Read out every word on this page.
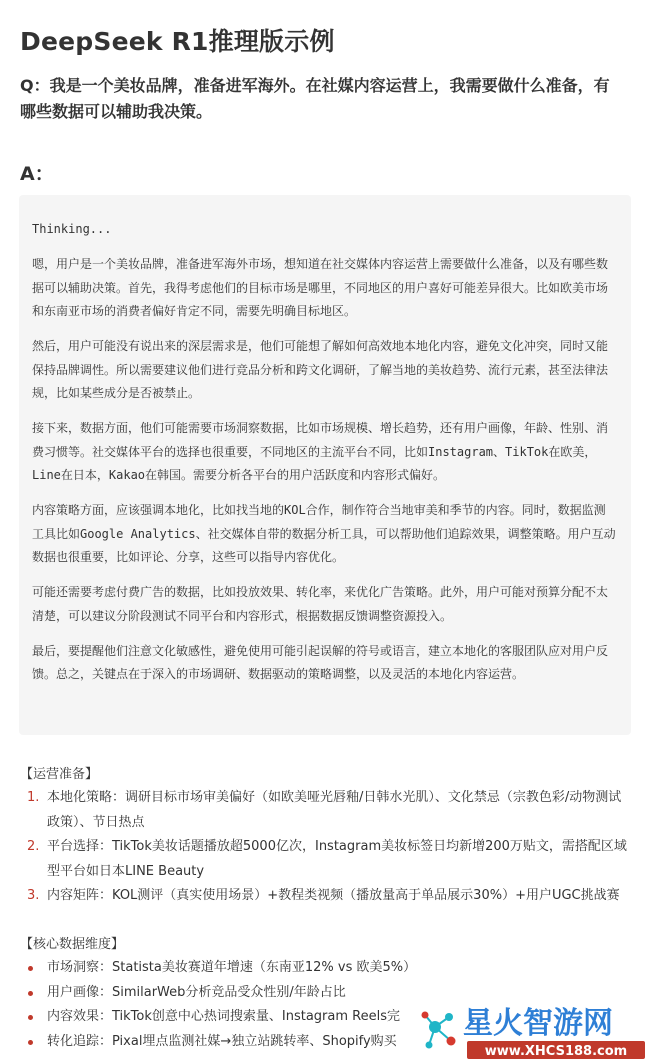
DeepSeek R1推理版示例
Q：我是一个美妆品牌，准备进军海外。在社媒内容运营上，我需要做什么准备，有哪些数据可以辅助我决策。
A：
Thinking...

嗯，用户是一个美妆品牌，准备进军海外市场，想知道在社交媒体内容运营上需要做什么准备，以及有哪些数据可以辅助决策。首先，我得考虑他们的目标市场是哪里，不同地区的用户喜好可能差异很大。比如欧美市场和东南亚市场的消费者偏好肯定不同，需要先明确目标地区。

然后，用户可能没有说出来的深层需求是，他们可能想了解如何高效地本地化内容，避免文化冲突，同时又能保持品牌调性。所以需要建议他们进行竞品分析和跨文化调研，了解当地的美妆趋势、流行元素，甚至法律法规，比如某些成分是否被禁止。

接下来，数据方面，他们可能需要市场洞察数据，比如市场规模、增长趋势，还有用户画像，年龄、性别、消费习惯等。社交媒体平台的选择也很重要，不同地区的主流平台不同，比如Instagram、TikTok在欧美，Line在日本，Kakao在韩国。需要分析各平台的用户活跃度和内容形式偏好。

内容策略方面，应该强调本地化，比如找当地的KOL合作，制作符合当地审美和季节的内容。同时，数据监测工具比如Google Analytics、社交媒体自带的数据分析工具，可以帮助他们追踪效果，调整策略。用户互动数据也很重要，比如评论、分享，这些可以指导内容优化。

可能还需要考虑付费广告的数据，比如投放效果、转化率，来优化广告策略。此外，用户可能对预算分配不太清楚，可以建议分阶段测试不同平台和内容形式，根据数据反馈调整资源投入。

最后，要提醒他们注意文化敏感性，避免使用可能引起误解的符号或语言，建立本地化的客服团队应对用户反馈。总之，关键点在于深入的市场调研、数据驱动的策略调整，以及灵活的本地化内容运营。

【运营准备】
1. 本地化策略：调研目标市场审美偏好（如欧美哑光唇釉/日韩水光肌）、文化禁忌（宗教色彩/动物测试政策）、节日热点
2. 平台选择：TikTok美妆话题播放超5000亿次，Instagram美妆标签日均新增200万贴文，需搭配区域型平台如日本LINE Beauty
3. 内容矩阵：KOL测评（真实使用场景）+教程类视频（播放量高于单品展示30%）+用户UGC挑战赛
【核心数据维度】
市场洞察：Statista美妆赛道年增速（东南亚12% vs 欧美5%）
用户画像：SimilarWeb分析竞品受众性别/年龄占比
内容效果：TikTok创意中心热词搜索量、Instagram Reels完
转化追踪：Pixal埋点监测社媒→独立站跳转率、Shopify购买	星火智游网
www.XHCS188.com
